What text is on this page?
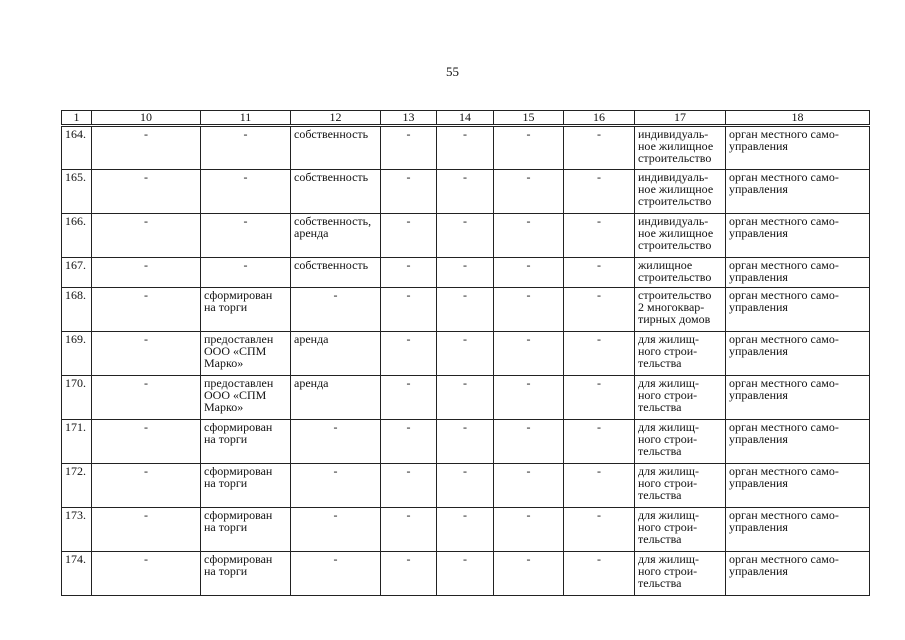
55
1	10	11	12	13	14	15	16	17	18
164.	-	-	собственность	-	-	-	-	индивидуаль-
ное жилищное
строительство	орган местного само-
управления
165.	-	-	собственность	-	-	-	-	индивидуаль-
ное жилищное
строительство	орган местного само-
управления
166.	-	-	собственность,
аренда	-	-	-	-	индивидуаль-
ное жилищное
строительство	орган местного само-
управления
167.	-	-	собственность	-	-	-	-	жилищное
строительство	орган местного само-
управления
168.	-	сформирован
на торги	-	-	-	-	-	строительство
2 многоквар-
тирных домов	орган местного само-
управления
169.	-	предоставлен
ООО «СПМ
Марко»	аренда	-	-	-	-	для жилищ-
ного строи-
тельства	орган местного само-
управления
170.	-	предоставлен
ООО «СПМ
Марко»	аренда	-	-	-	-	для жилищ-
ного строи-
тельства	орган местного само-
управления
171.	-	сформирован
на торги	-	-	-	-	-	для жилищ-
ного строи-
тельства	орган местного само-
управления
172.	-	сформирован
на торги	-	-	-	-	-	для жилищ-
ного строи-
тельства	орган местного само-
управления
173.	-	сформирован
на торги	-	-	-	-	-	для жилищ-
ного строи-
тельства	орган местного само-
управления
174.	-	сформирован
на торги	-	-	-	-	-	для жилищ-
ного строи-
тельства	орган местного само-
управления
